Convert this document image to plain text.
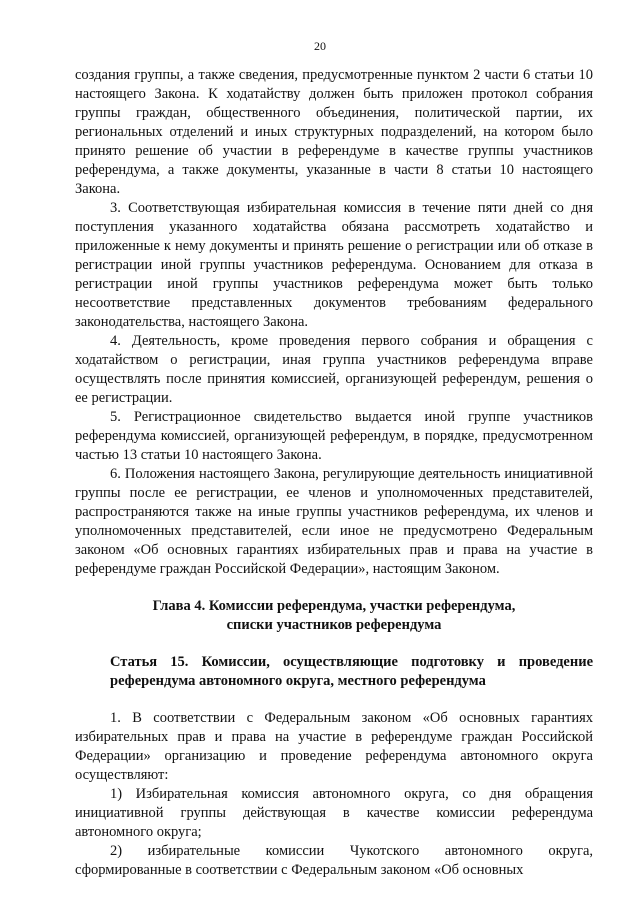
20

создания группы, а также сведения, предусмотренные пунктом 2 части 6 статьи 10 настоящего Закона. К ходатайству должен быть приложен протокол собрания группы граждан, общественного объединения, политической партии, их региональных отделений и иных структурных подразделений, на котором было принято решение об участии в референдуме в качестве группы участников референдума, а также документы, указанные в части 8 статьи 10 настоящего Закона.

3. Соответствующая избирательная комиссия в течение пяти дней со дня поступления указанного ходатайства обязана рассмотреть ходатайство и приложенные к нему документы и принять решение о регистрации или об отказе в регистрации иной группы участников референдума. Основанием для отказа в регистрации иной группы участников референдума может быть только несоответствие представленных документов требованиям федерального законодательства, настоящего Закона.

4. Деятельность, кроме проведения первого собрания и обращения с ходатайством о регистрации, иная группа участников референдума вправе осуществлять после принятия комиссией, организующей референдум, решения о ее регистрации.

5. Регистрационное свидетельство выдается иной группе участников референдума комиссией, организующей референдум, в порядке, предусмотренном частью 13 статьи 10 настоящего Закона.

6. Положения настоящего Закона, регулирующие деятельность инициативной группы после ее регистрации, ее членов и уполномоченных представителей, распространяются также на иные группы участников референдума, их членов и уполномоченных представителей, если иное не предусмотрено Федеральным законом «Об основных гарантиях избирательных прав и права на участие в референдуме граждан Российской Федерации», настоящим Законом.

Глава 4. Комиссии референдума, участки референдума,
списки участников референдума
Статья 15. Комиссии, осуществляющие подготовку и проведение референдума автономного округа, местного референдума

1. В соответствии с Федеральным законом «Об основных гарантиях избирательных прав и права на участие в референдуме граждан Российской Федерации» организацию и проведение референдума автономного округа осуществляют:

1) Избирательная комиссия автономного округа, со дня обращения инициативной группы действующая в качестве комиссии референдума автономного округа;

2) избирательные комиссии Чукотского автономного округа, сформированные в соответствии с Федеральным законом «Об основных
